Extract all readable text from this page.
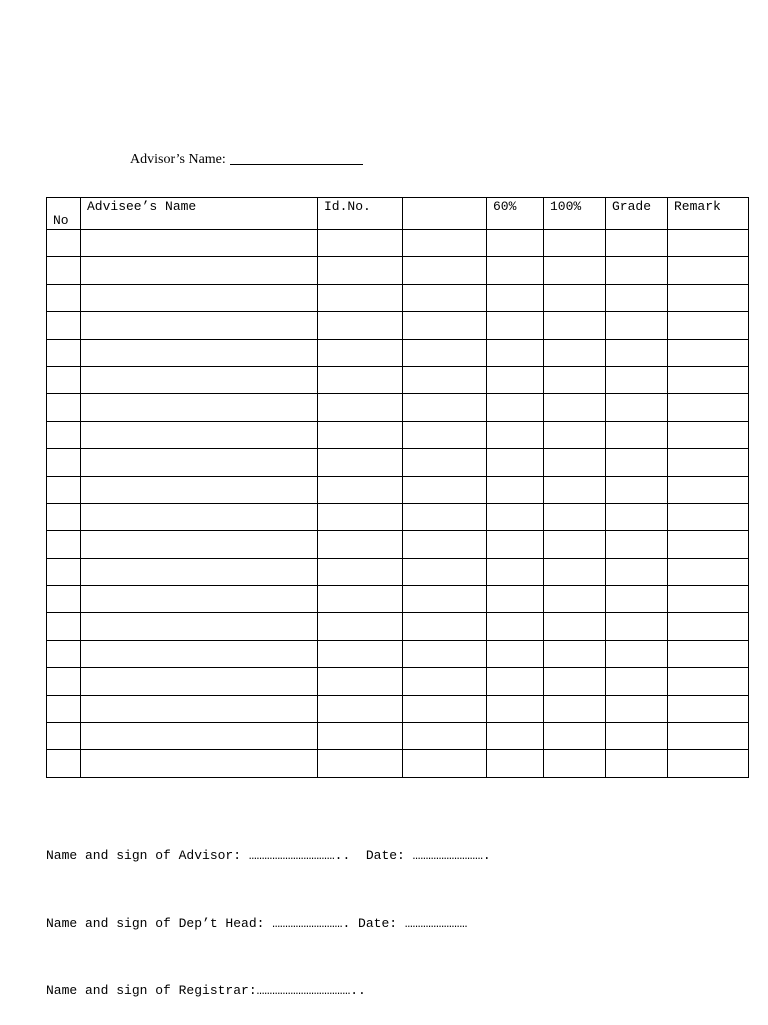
Advisor’s Name:
No	Advisee’s Name	Id.No.		60%	100%	Grade	Remark

Name and sign of Advisor: ……………………………..  Date: ……………………….

Name and sign of Dep’t Head: ………………………. Date: ……………………

Name and sign of Registrar:………………………………..
